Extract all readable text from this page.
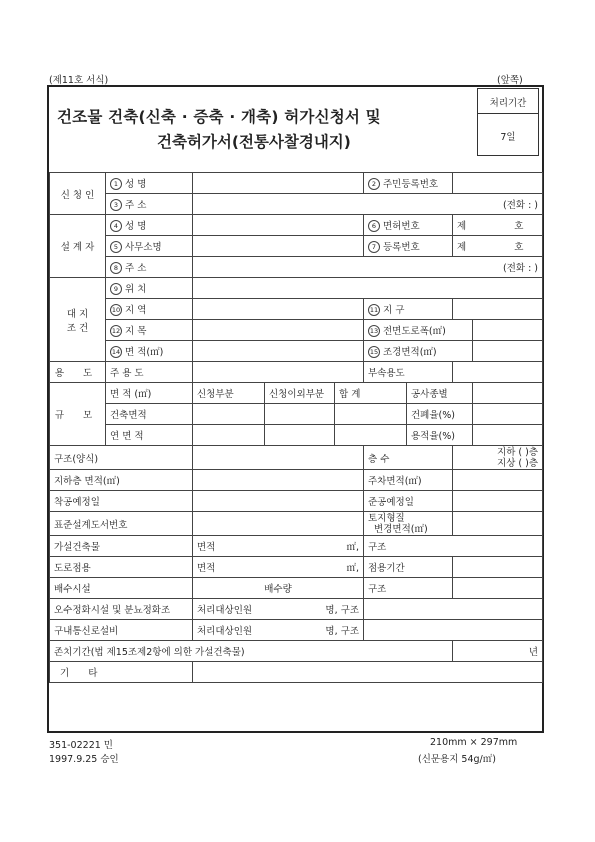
(제11호 서식)	(앞쪽)
건조물 건축(신축 · 증축 · 개축) 허가신청서 및
건축허가서(전통사찰경내지)
처리기간
7일
신 청 인	1 성 명				2 주민등록번호			
	3 주 소	(전화 : )						
설 계 자	4 성 명				6 면허번호		제 호	
	5 사무소명				7 등록번호		제 호	
	8 주 소	(전화 : )						
대 지
조 건	9 위 치							
	10 지 역				11 지 구			
	12 지 목				13 전면도로폭(㎡)			
	14 면 적(㎡)				15 조경면적(㎡)			
용 도	주 용 도				부속용도			
규 모	면 적 (㎡)	신청부분	신청이외부분	합 계		공사종별		
	건축면적					건폐율(%)		
	연 면 적					용적율(%)		
구조(양식)					층 수		지하 ( )층
지상 ( )층	
지하층 면적(㎡)					주차면적(㎡)			
착공예정일					준공예정일			
표준설계도서번호					토지형질
변경면적(㎡)			
가설건축물		면적 ㎡,			구조			
도로점용		면적 ㎡,			점용기간			
배수시설		배수량			구조			
오수정화시설 및 분뇨정화조		처리대상인원 명, 구조						

구내통신로설비		처리대상인원 명, 구조						

존치기간(법 제15조제2항에 의한 가설건축물)							년	
기 타								
351-02221 민
1997.9.25 승인
210mm × 297mm
(신문용지 54g/㎡)
